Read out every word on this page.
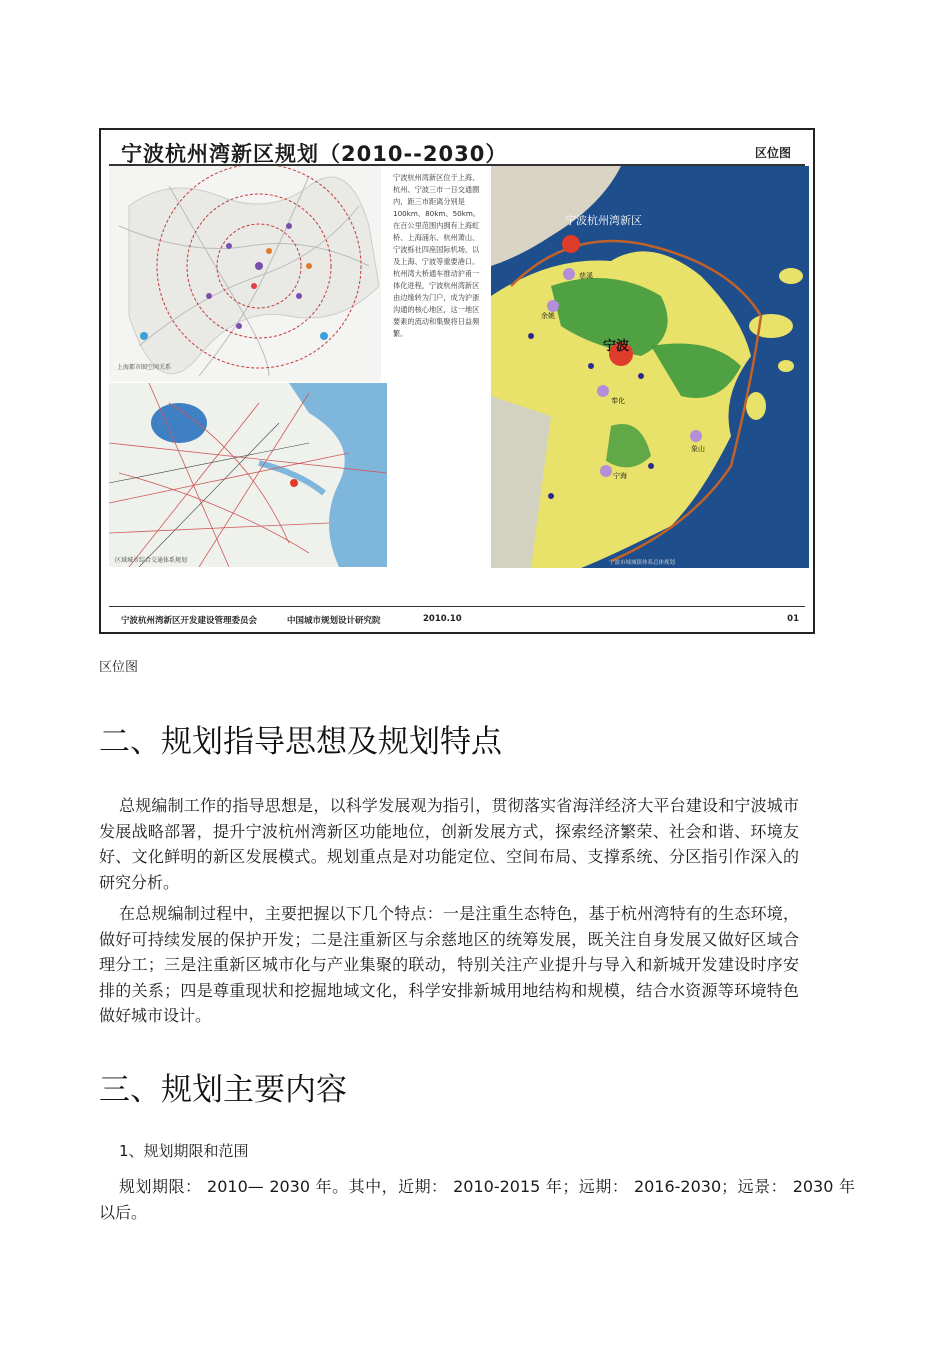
宁波杭州湾新区规划（2010--2030）	区位图
上海都市圈空间关系
宁波杭州湾新区位于上海、杭州、宁波三市一日交通圈内，距三市距离分别是100km、80km、50km。在百公里范围内拥有上海虹桥、上海浦东、杭州萧山、宁波栎社四座国际机场，以及上海、宁波等重要港口。杭州湾大桥通车推动沪甬一体化进程，宁波杭州湾新区由边缘转为门户，成为沪浙沟通的核心地区，这一地区要素的流动和集聚将日益频繁。
区域城市综合交通体系规划
宁波杭州湾新区
宁波
慈溪
余姚
奉化
象山
宁海
宁波市域城镇体系总体规划
宁波杭州湾新区开发建设管理委员会	中国城市规划设计研究院	2010.10	01
区位图
二、规划指导思想及规划特点

总规编制工作的指导思想是，以科学发展观为指引，贯彻落实省海洋经济大平台建设和宁波城市发展战略部署，提升宁波杭州湾新区功能地位，创新发展方式，探索经济繁荣、社会和谐、环境友好、文化鲜明的新区发展模式。规划重点是对功能定位、空间布局、支撑系统、分区指引作深入的研究分析。

在总规编制过程中，主要把握以下几个特点：一是注重生态特色，基于杭州湾特有的生态环境，做好可持续发展的保护开发；二是注重新区与余慈地区的统筹发展，既关注自身发展又做好区域合理分工；三是注重新区城市化与产业集聚的联动，特别关注产业提升与导入和新城开发建设时序安排的关系；四是尊重现状和挖掘地域文化，科学安排新城用地结构和规模，结合水资源等环境特色做好城市设计。

三、规划主要内容

1、规划期限和范围

规划期限： 2010— 2030 年。其中，近期： 2010-2015 年；远期： 2016-2030；远景： 2030 年以后。
